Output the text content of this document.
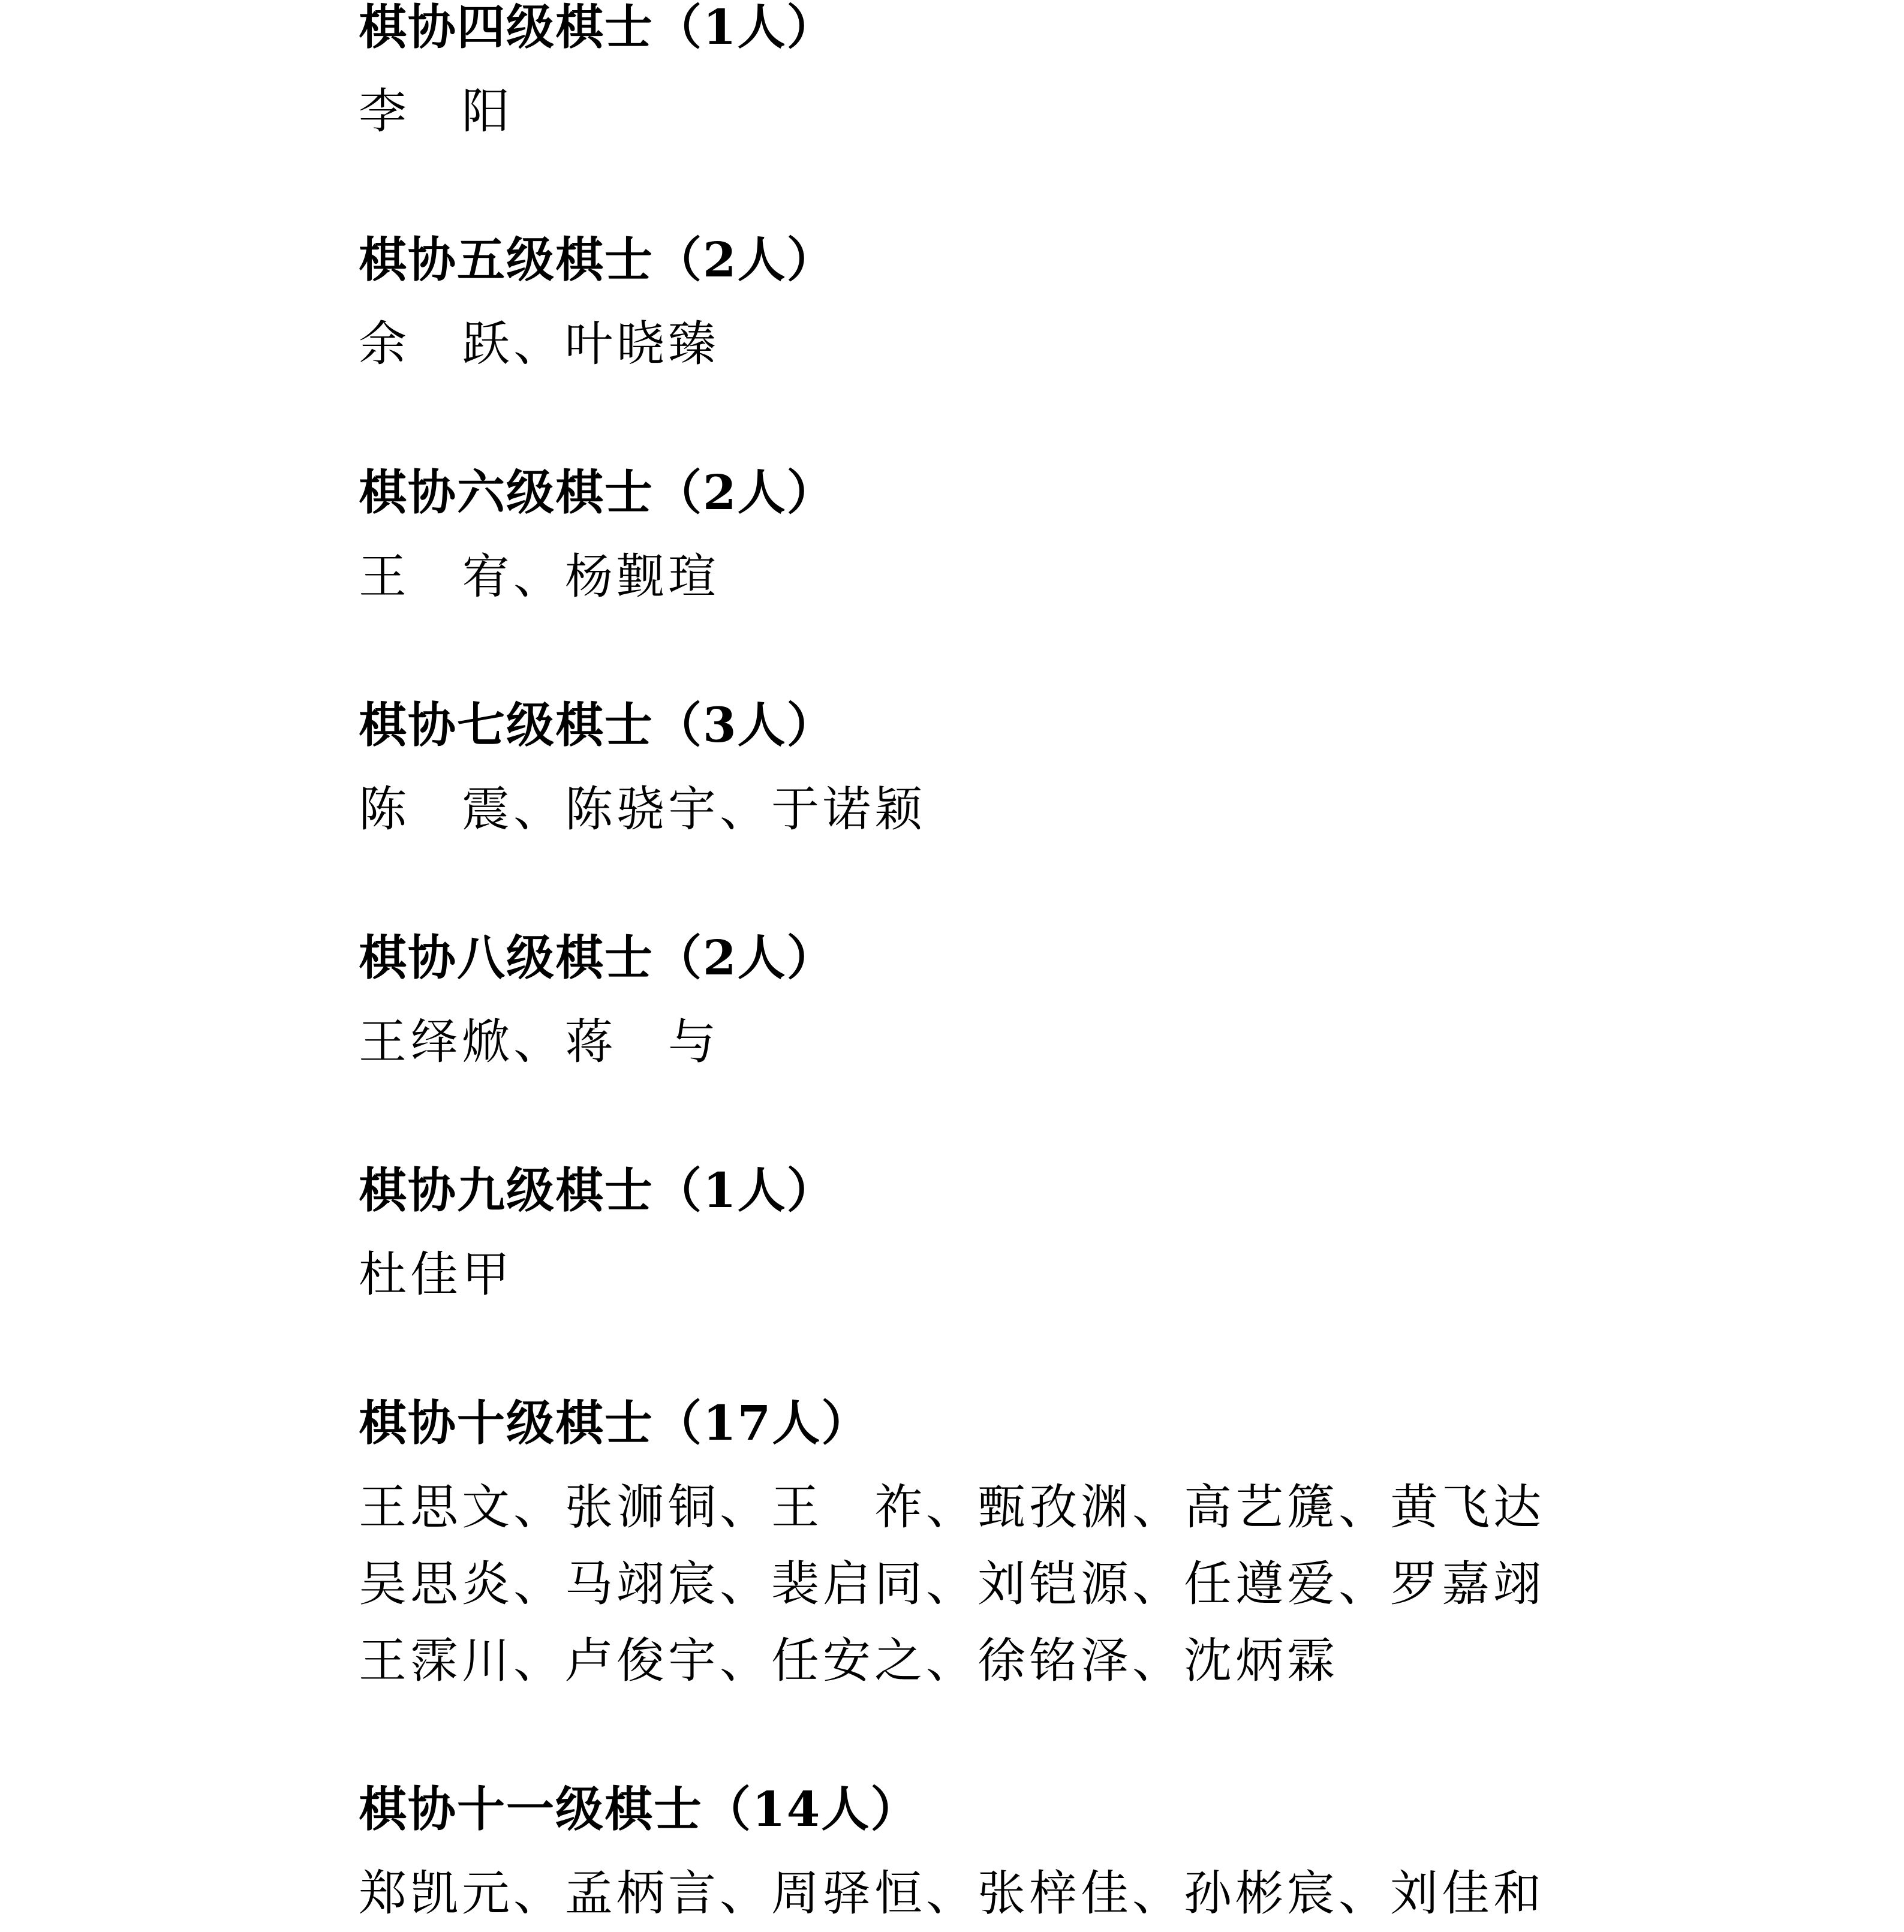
棋协四级棋士（1人）
李　阳
棋协五级棋士（2人）
余　跃、叶晓臻
棋协六级棋士（2人）
王　宥、杨觐瑄
棋协七级棋士（3人）
陈　震、陈骁宇、于诺颖
棋协八级棋士（2人）
王绎焮、蒋　与
棋协九级棋士（1人）
杜佳甲
棋协十级棋士（17人）
王思文、张浉铜、王　祚、甄孜渊、高艺篪、黄飞达
吴思炎、马翊宸、裴启同、刘铠源、任遵爱、罗嘉翊
王霂川、卢俊宇、任安之、徐铭泽、沈炳霖
棋协十一级棋士（14人）
郑凯元、孟柄言、周驿恒、张梓佳、孙彬宸、刘佳和
